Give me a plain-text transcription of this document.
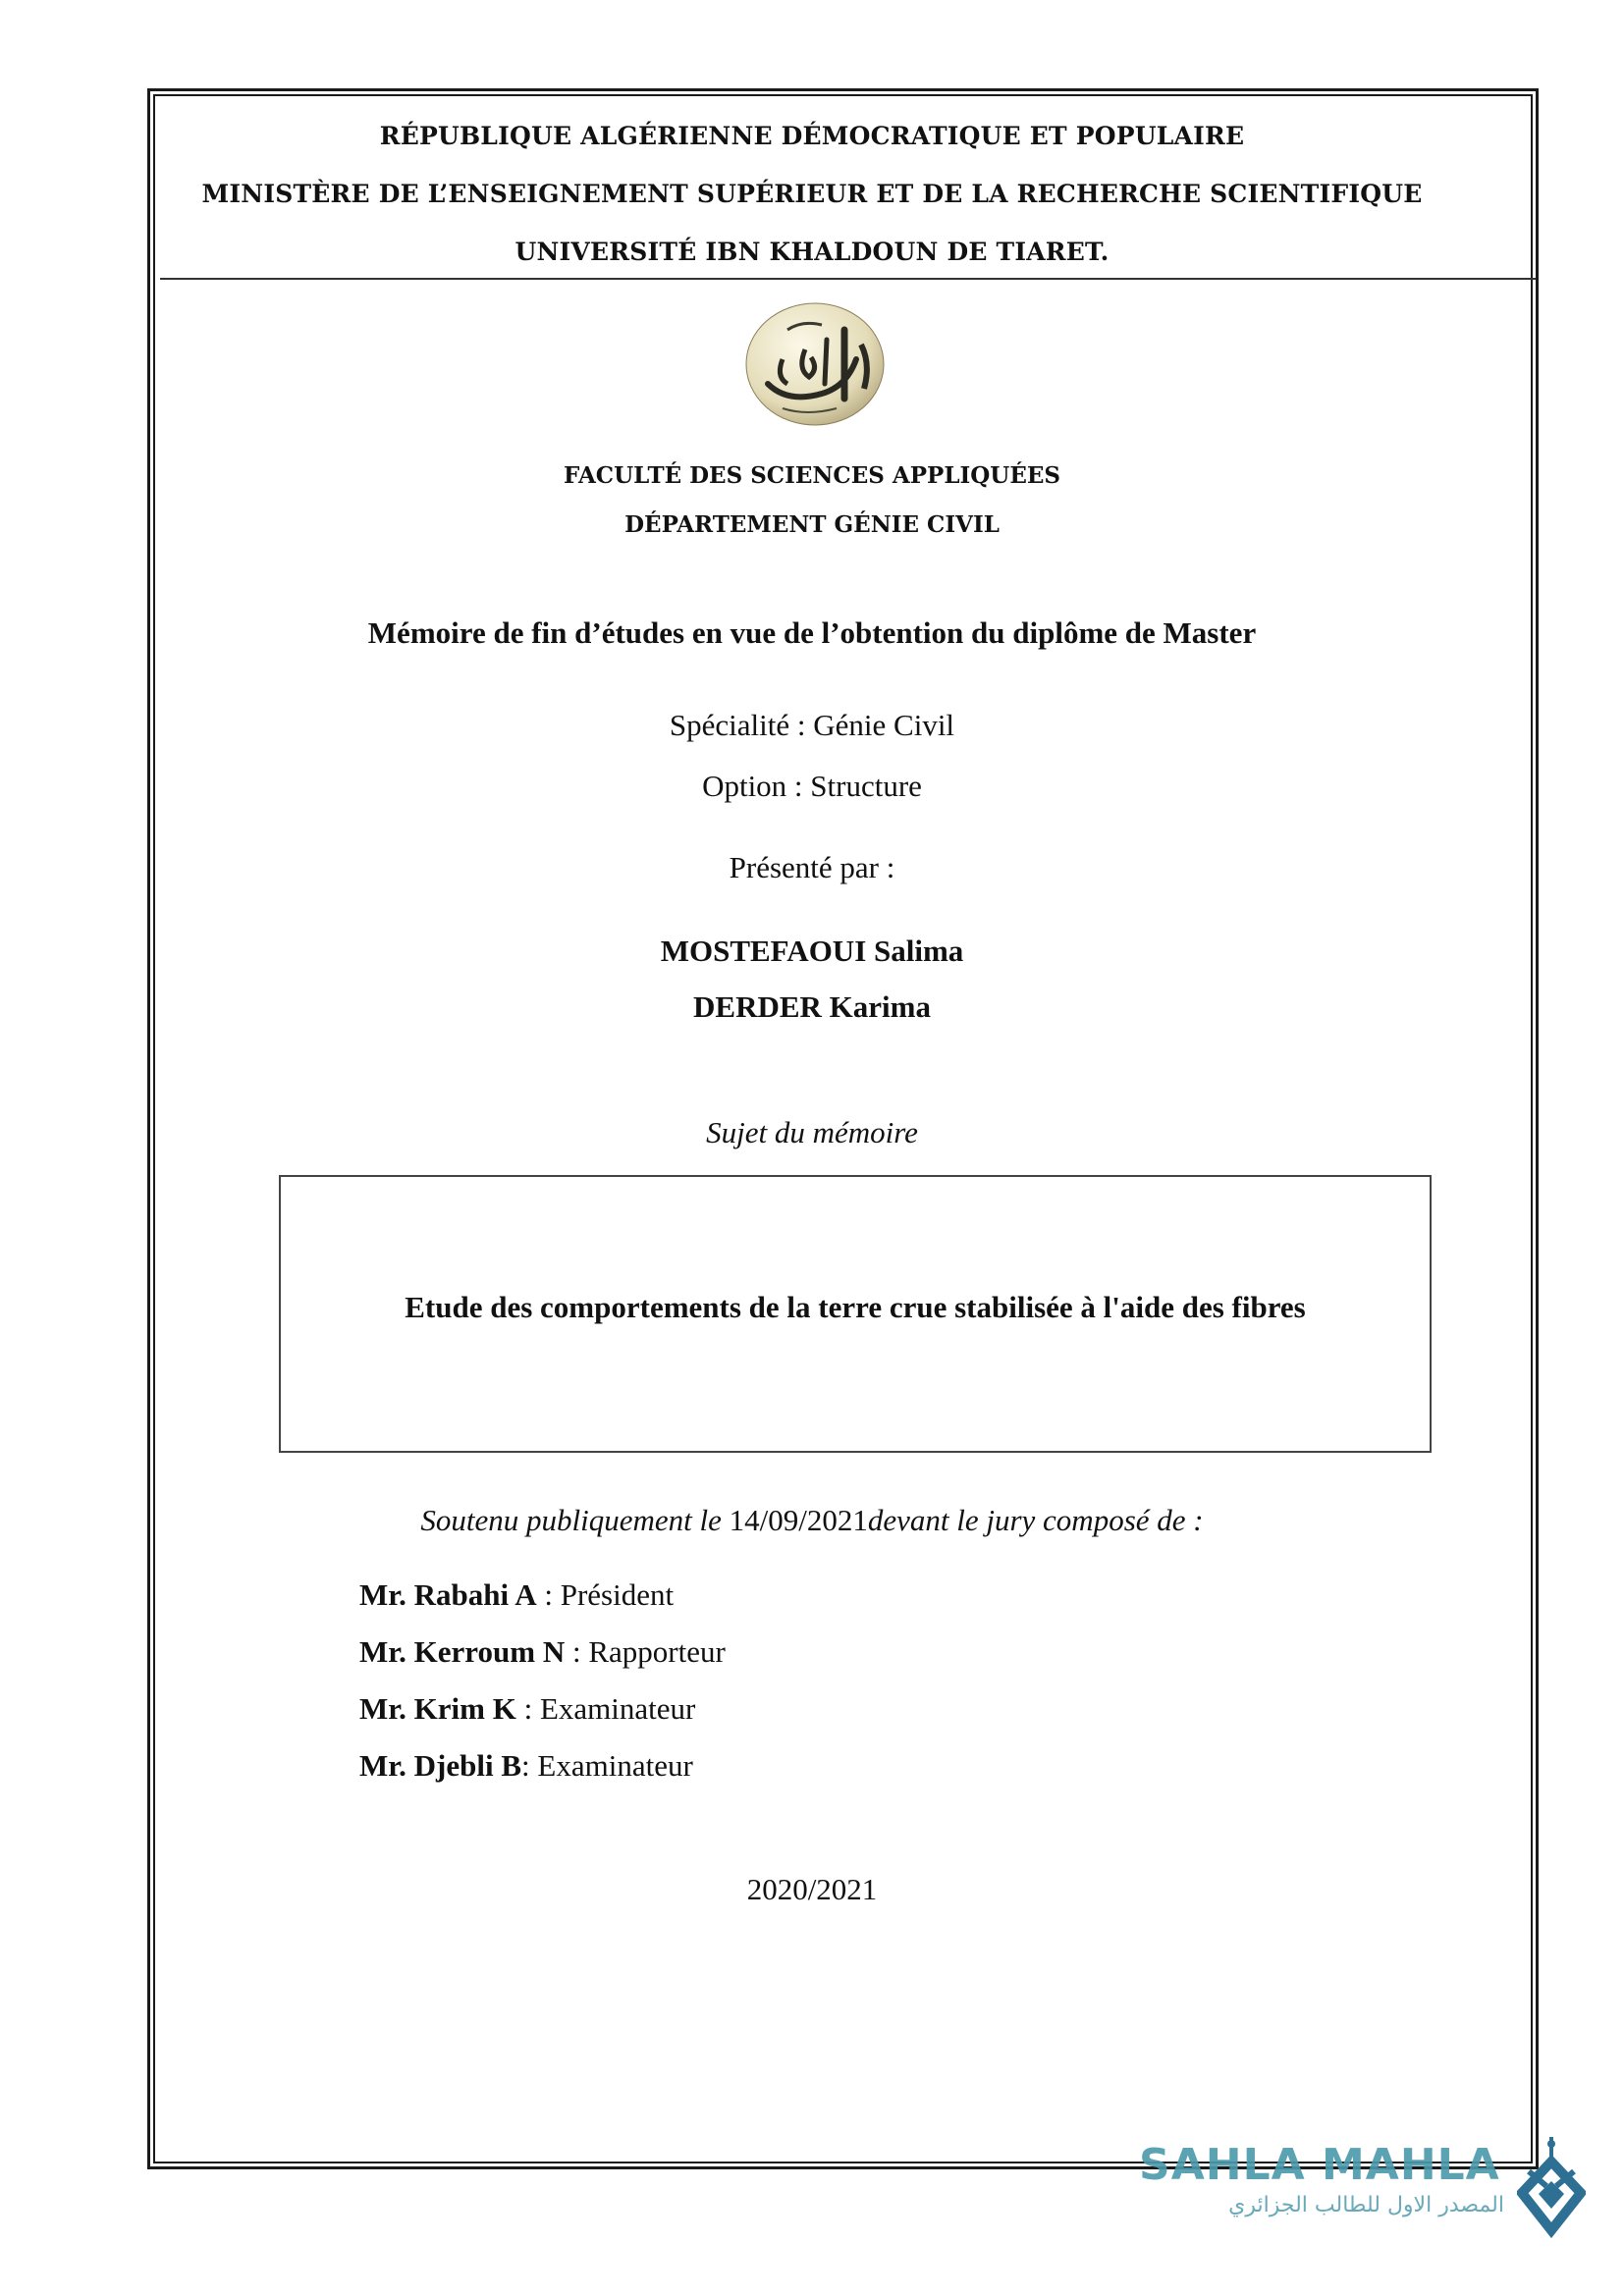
RÉPUBLIQUE ALGÉRIENNE DÉMOCRATIQUE ET POPULAIRE
MINISTÈRE DE L’ENSEIGNEMENT SUPÉRIEUR ET DE LA RECHERCHE SCIENTIFIQUE
UNIVERSITÉ IBN KHALDOUN DE TIARET.
FACULTÉ DES SCIENCES APPLIQUÉES
DÉPARTEMENT GÉNIE CIVIL
Mémoire de fin d’études en vue de l’obtention du diplôme de Master
Spécialité : Génie Civil
Option : Structure
Présenté par :
MOSTEFAOUI Salima
DERDER Karima
Sujet du mémoire
Etude des comportements de la terre crue stabilisée à l'aide des fibres
Soutenu publiquement le 14/09/2021devant le jury composé de :
Mr. Rabahi A : Président
Mr. Kerroum N : Rapporteur
Mr. Krim K : Examinateur
Mr. Djebli B: Examinateur
2020/2021
SAHLA MAHLA
المصدر الاول للطالب الجزائري
